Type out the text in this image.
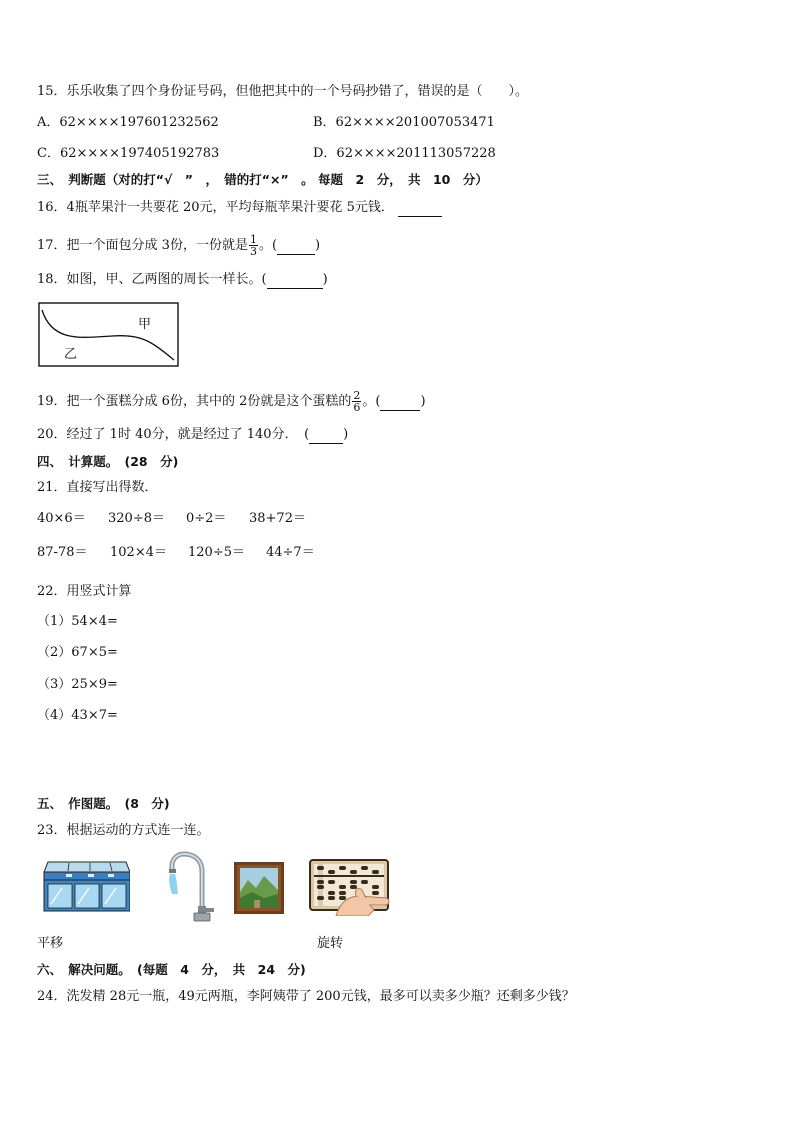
15．乐乐收集了四个身份证号码，但他把其中的一个号码抄错了，错误的是（　　）。
A．62××××197601232562	B．62××××201007053471
C．62××××197405192783	D．62××××201113057228
三、　判断题（对的打“√　”　，　错的打“×”　。 每题　2　分，　共　10　分）
16．4瓶苹果汁一共要花 20元，平均每瓶苹果汁要花 5元钱．
17．把一个面包分成 3份，一份就是 $\frac{1}{3}$ 。(	)
18．如图，甲、乙两图的周长一样长。(	)
甲
乙
19．把一个蛋糕分成 6份，其中的 2份就是这个蛋糕的 $\frac{2}{6}$ 。(	)
20．经过了 1时 40分，就是经过了 140分．　(	)
四、　计算题。　(28　分)
21．直接写出得数．
40×6＝ 320÷8＝ 0÷2＝ 38+72＝
87-78＝ 102×4＝ 120÷5＝ 44÷7＝
22．用竖式计算
（1）54×4=
（2）67×5=
（3）25×9=
（4）43×7=
五、　作图题。　(8　分)
23．根据运动的方式连一连。
平移	旋转
六、　解决问题。　(每题　4　分，　共　24　分)
24．洗发精 28元一瓶，49元两瓶，李阿姨带了 200元钱，最多可以卖多少瓶？还剩多少钱？
